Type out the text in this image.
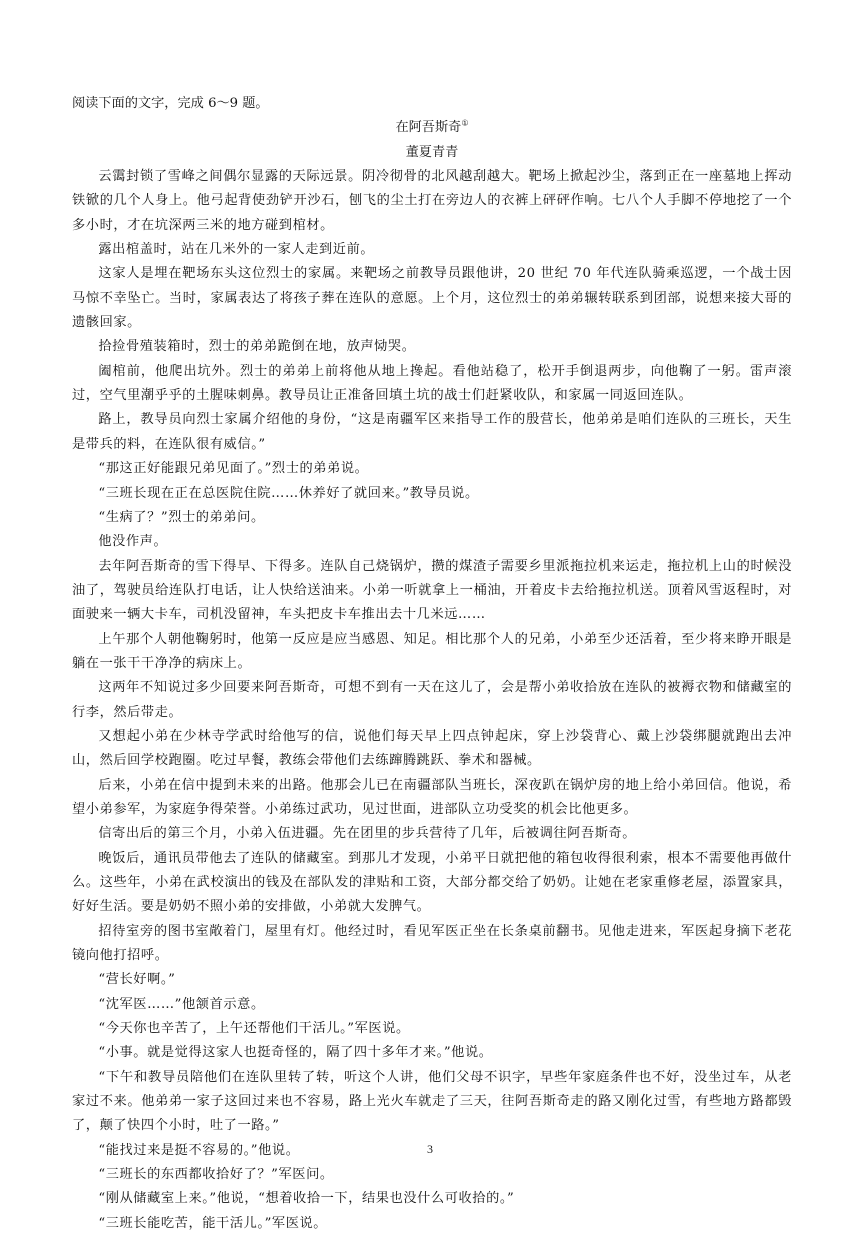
阅读下面的文字，完成 6～9 题。

在阿吾斯奇①

董夏青青

云霭封锁了雪峰之间偶尔显露的天际远景。阴冷彻骨的北风越刮越大。靶场上掀起沙尘，落到正在一座墓地上挥动铁锨的几个人身上。他弓起背使劲铲开沙石，刨飞的尘土打在旁边人的衣裤上砰砰作响。七八个人手脚不停地挖了一个多小时，才在坑深两三米的地方碰到棺材。

露出棺盖时，站在几米外的一家人走到近前。

这家人是埋在靶场东头这位烈士的家属。来靶场之前教导员跟他讲，20 世纪 70 年代连队骑乘巡逻，一个战士因马惊不幸坠亡。当时，家属表达了将孩子葬在连队的意愿。上个月，这位烈士的弟弟辗转联系到团部，说想来接大哥的遗骸回家。

拾捡骨殖装箱时，烈士的弟弟跪倒在地，放声恸哭。

阖棺前，他爬出坑外。烈士的弟弟上前将他从地上搀起。看他站稳了，松开手倒退两步，向他鞠了一躬。雷声滚过，空气里潮乎乎的土腥味刺鼻。教导员让正准备回填土坑的战士们赶紧收队，和家属一同返回连队。

路上，教导员向烈士家属介绍他的身份，“这是南疆军区来指导工作的殷营长，他弟弟是咱们连队的三班长，天生是带兵的料，在连队很有威信。”

“那这正好能跟兄弟见面了。”烈士的弟弟说。

“三班长现在正在总医院住院……休养好了就回来。”教导员说。

“生病了？”烈士的弟弟问。

他没作声。

去年阿吾斯奇的雪下得早、下得多。连队自己烧锅炉，攒的煤渣子需要乡里派拖拉机来运走，拖拉机上山的时候没油了，驾驶员给连队打电话，让人快给送油来。小弟一听就拿上一桶油，开着皮卡去给拖拉机送。顶着风雪返程时，对面驶来一辆大卡车，司机没留神，车头把皮卡车推出去十几米远……

上午那个人朝他鞠躬时，他第一反应是应当感恩、知足。相比那个人的兄弟，小弟至少还活着，至少将来睁开眼是躺在一张干干净净的病床上。

这两年不知说过多少回要来阿吾斯奇，可想不到有一天在这儿了，会是帮小弟收拾放在连队的被褥衣物和储藏室的行李，然后带走。

又想起小弟在少林寺学武时给他写的信，说他们每天早上四点钟起床，穿上沙袋背心、戴上沙袋绑腿就跑出去冲山，然后回学校跑圈。吃过早餐，教练会带他们去练蹿腾跳跃、拳术和器械。

后来，小弟在信中提到未来的出路。他那会儿已在南疆部队当班长，深夜趴在锅炉房的地上给小弟回信。他说，希望小弟参军，为家庭争得荣誉。小弟练过武功，见过世面，进部队立功受奖的机会比他更多。

信寄出后的第三个月，小弟入伍进疆。先在团里的步兵营待了几年，后被调往阿吾斯奇。

晚饭后，通讯员带他去了连队的储藏室。到那儿才发现，小弟平日就把他的箱包收得很利索，根本不需要他再做什么。这些年，小弟在武校演出的钱及在部队发的津贴和工资，大部分都交给了奶奶。让她在老家重修老屋，添置家具，好好生活。要是奶奶不照小弟的安排做，小弟就大发脾气。

招待室旁的图书室敞着门，屋里有灯。他经过时，看见军医正坐在长条桌前翻书。见他走进来，军医起身摘下老花镜向他打招呼。

“营长好啊。”

“沈军医……”他颔首示意。

“今天你也辛苦了，上午还帮他们干活儿。”军医说。

“小事。就是觉得这家人也挺奇怪的，隔了四十多年才来。”他说。

“下午和教导员陪他们在连队里转了转，听这个人讲，他们父母不识字，早些年家庭条件也不好，没坐过车，从老家过不来。他弟弟一家子这回过来也不容易，路上光火车就走了三天，往阿吾斯奇走的路又刚化过雪，有些地方路都毁了，颠了快四个小时，吐了一路。”

“能找过来是挺不容易的。”他说。

“三班长的东西都收拾好了？”军医问。

“刚从储藏室上来。”他说，“想着收拾一下，结果也没什么可收拾的。”

“三班长能吃苦，能干活儿。”军医说。

3
